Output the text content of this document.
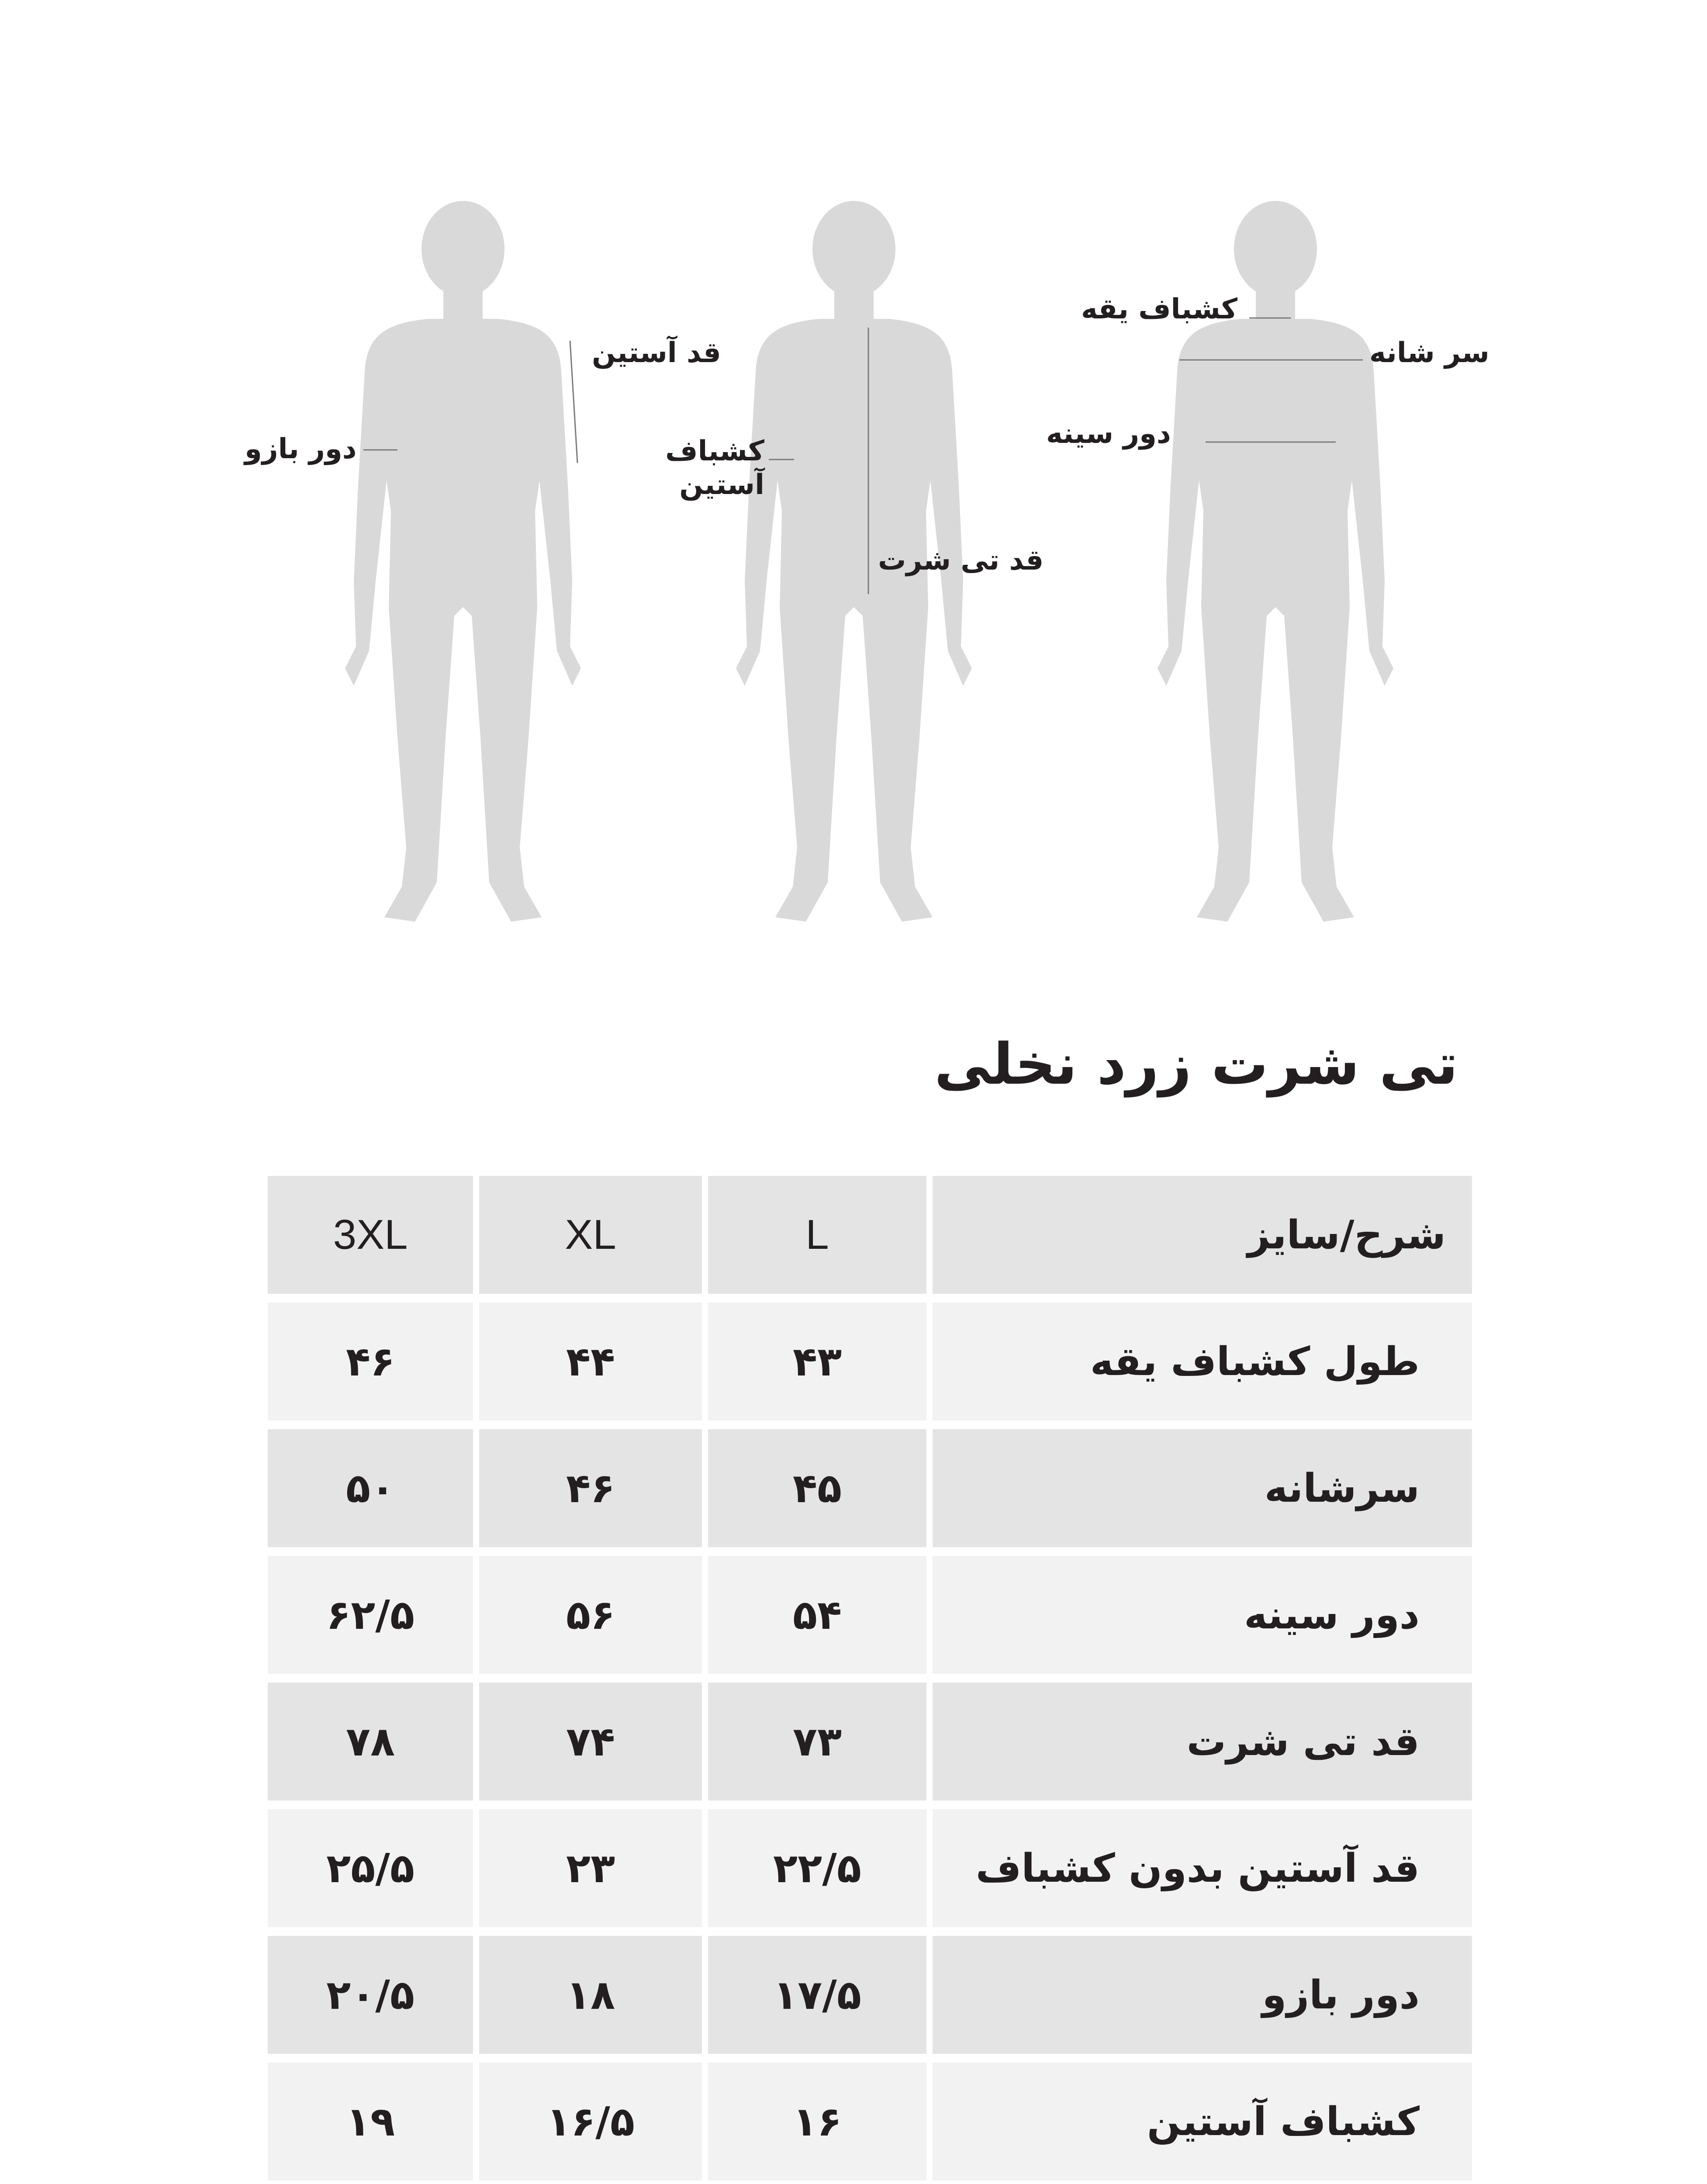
قد آستین
دور بازو	کشباف آستین
قد تی شرت
کشباف یقه
سر شانه
دور سینه
تی شرت زرد نخلی
3XL	XL	L	شرح/سایز
۴۶	۴۴	۴۳	طول کشباف یقه
۵۰	۴۶	۴۵	سرشانه
۶۲/۵	۵۶	۵۴	دور سینه
۷۸	۷۴	۷۳	قد تی شرت
۲۵/۵	۲۳	۲۲/۵	قد آستین بدون کشباف
۲۰/۵	۱۸	۱۷/۵	دور بازو
۱۹	۱۶/۵	۱۶	کشباف آستین
